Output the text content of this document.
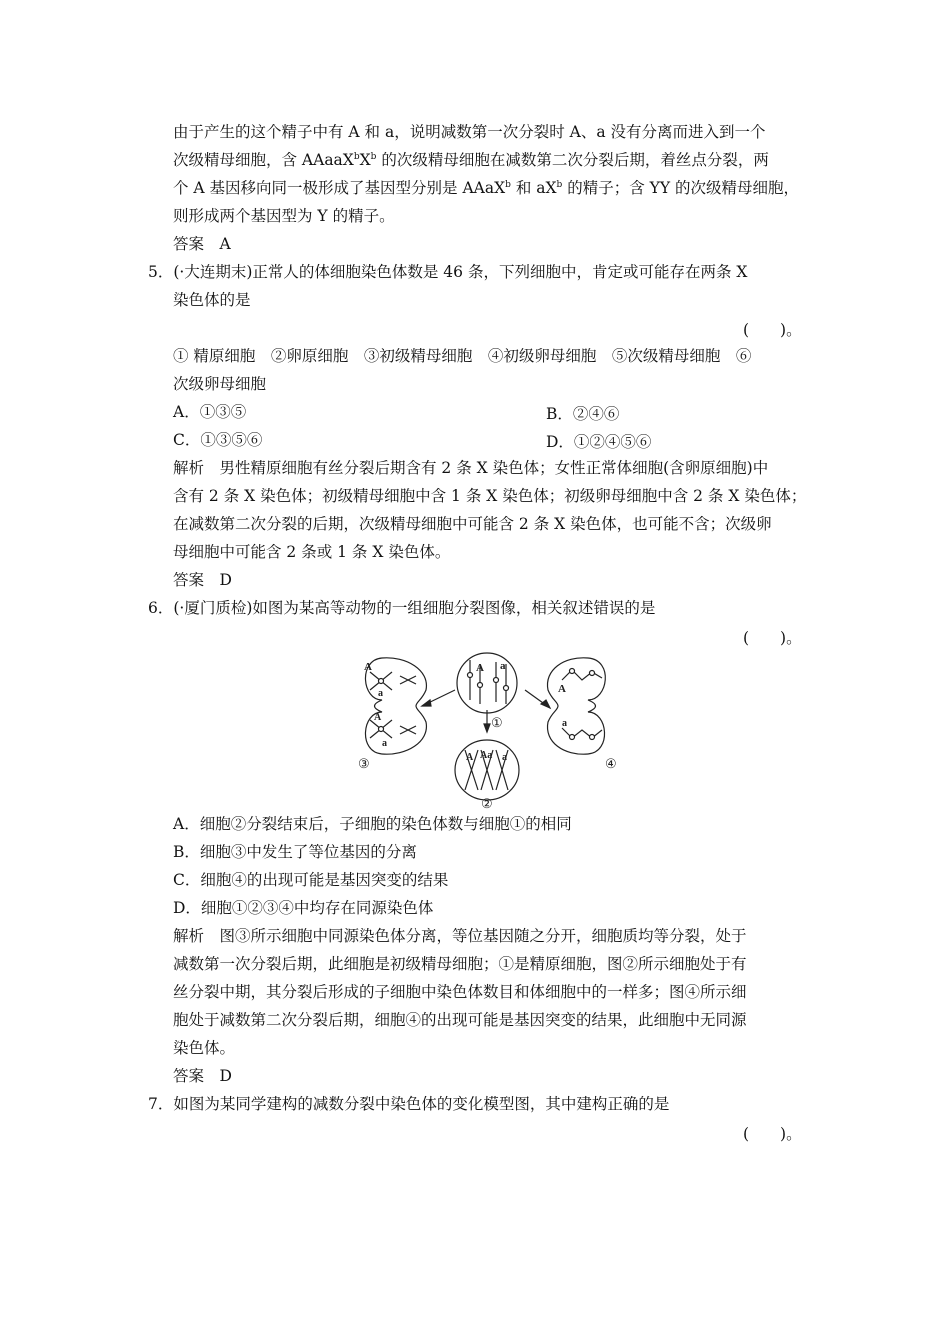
由于产生的这个精子中有 A 和 a，说明减数第一次分裂时 A、a 没有分离而进入到一个
次级精母细胞，含 $AAaaX^bX^b$ 的次级精母细胞在减数第二次分裂后期，着丝点分裂，两
个 A 基因移向同一极形成了基因型分别是 AAaX$^b$ 和 $aX^b$ 的精子；含 YY 的次级精母细胞，
则形成两个基因型为 Y 的精子。
答案　A
5．(·大连期末)正常人的体细胞染色体数是 46 条，下列细胞中，肯定或可能存在两条 X
染色体的是
(　　)。
① 精原细胞　②卵原细胞　③初级精母细胞　④初级卵母细胞　⑤次级精母细胞　⑥
次级卵母细胞
A．①③⑤	B．②④⑥
C．①③⑤⑥	D．①②④⑤⑥
解析　男性精原细胞有丝分裂后期含有 2 条 X 染色体；女性正常体细胞(含卵原细胞)中
含有 2 条 X 染色体；初级精母细胞中含 1 条 X 染色体；初级卵母细胞中含 2 条 X 染色体；
在减数第二次分裂的后期，次级精母细胞中可能含 2 条 X 染色体，也可能不含；次级卵
母细胞中可能含 2 条或 1 条 X 染色体。
答案　D
6．(·厦门质检)如图为某高等动物的一组细胞分裂图像，相关叙述错误的是
(　　)。
A a
①
A
a
A
a
③	A Aa a
②
A
a
④
A．细胞②分裂结束后，子细胞的染色体数与细胞①的相同
B．细胞③中发生了等位基因的分离
C．细胞④的出现可能是基因突变的结果
D．细胞①②③④中均存在同源染色体
解析　图③所示细胞中同源染色体分离，等位基因随之分开，细胞质均等分裂，处于
减数第一次分裂后期，此细胞是初级精母细胞；①是精原细胞，图②所示细胞处于有
丝分裂中期，其分裂后形成的子细胞中染色体数目和体细胞中的一样多；图④所示细
胞处于减数第二次分裂后期，细胞④的出现可能是基因突变的结果，此细胞中无同源
染色体。
答案　D
7．如图为某同学建构的减数分裂中染色体的变化模型图，其中建构正确的是
(　　)。
